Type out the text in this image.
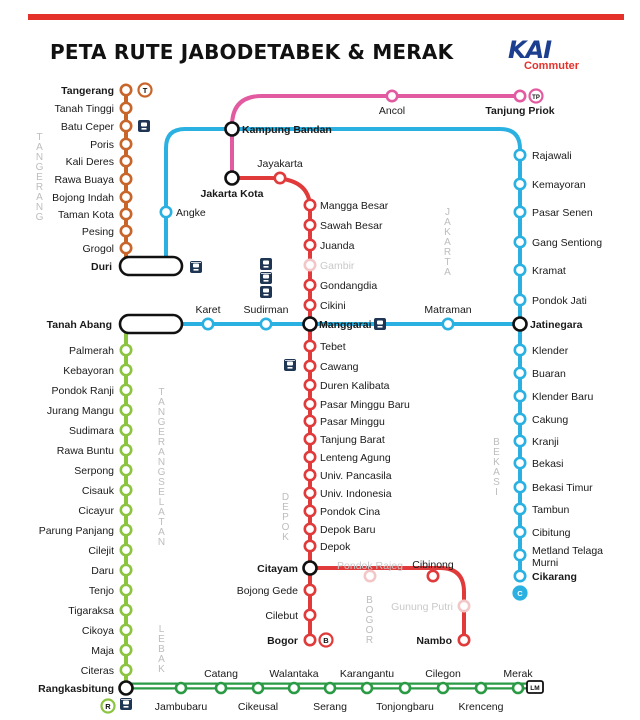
PETA RUTE JABODETABEK & MERAK KAI
Commuter
Duri
Tanah Abang
Kampung Bandan
Jakarta Kota
Manggarai	Jatinegara
Citayam
Rangkasbitung
Tangerang
Tanah Tinggi
Batu Ceper
Poris
Kali Deres
Rawa Buaya
Bojong Indah
Taman Kota
Pesing
Grogol
Palmerah
Kebayoran
Pondok Ranji
Jurang Mangu
Sudimara
Rawa Buntu
Serpong
Cisauk
Cicayur
Parung Panjang
Cilejit
Daru
Tenjo
Tigaraksa
Cikoya
Maja
Citeras
Ancol	Tanjung Priok
Angke
Karet Sudirman	Matraman
Rajawali
Kemayoran
Pasar Senen
Gang Sentiong
Kramat
Pondok Jati
Klender
Buaran
Klender Baru
Cakung
Kranji
Bekasi
Bekasi Timur
Tambun
Cibitung
Metland Telaga
Murni
Cikarang
Jayakarta
Mangga Besar
Sawah Besar
Juanda
Gambir
Gondangdia
Cikini
Tebet
Cawang
Duren Kalibata
Pasar Minggu Baru
Pasar Minggu
Tanjung Barat
Lenteng Agung
Univ. Pancasila
Univ. Indonesia
Pondok Cina
Depok Baru
Depok
Bojong Gede
Cilebut
Bogor
Pondok Rajeg Cibinong
Gunung Putri
Nambo
Jambubaru
Catang
Cikeusal
Walantaka
Serang
Karangantu
Tonjongbaru
Cilegon
Krenceng
Merak
T
A
N
G
E
R
A
N
G
T
A
N
G
E
R
A
N
G
S
E
L
A
T
A
N
L
E
B
A
K
J
A
K
A
R
T
A
B
E
K
A
S
I
D
E
P
O
K
B
O
G
O
R
T
TP
B
C
R
LM
